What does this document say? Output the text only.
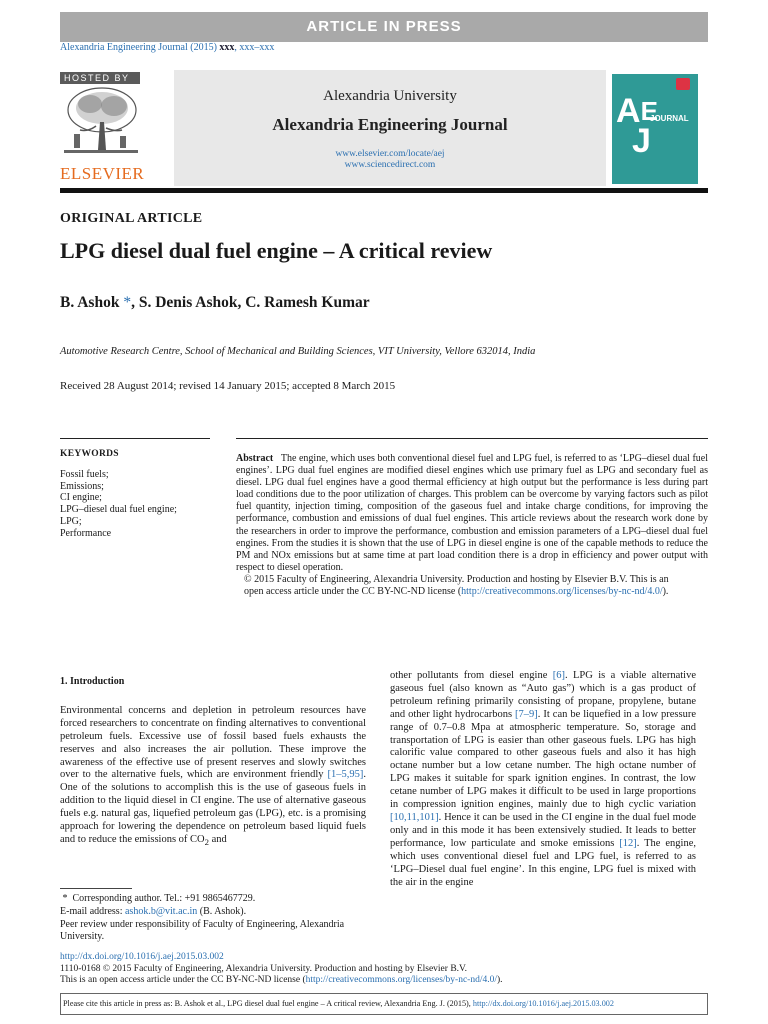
ARTICLE IN PRESS
Alexandria Engineering Journal (2015) xxx, xxx–xxx
HOSTED BY
ELSEVIER
Alexandria University
Alexandria Engineering Journal
www.elsevier.com/locate/aej
www.sciencedirect.com
$A^E$
J
JOURNAL
ORIGINAL ARTICLE
LPG diesel dual fuel engine – A critical review
B. Ashok *, S. Denis Ashok, C. Ramesh Kumar
Automotive Research Centre, School of Mechanical and Building Sciences, VIT University, Vellore 632014, India
Received 28 August 2014; revised 14 January 2015; accepted 8 March 2015
KEYWORDS
Fossil fuels;
Emissions;
CI engine;
LPG–diesel dual fuel engine;
LPG;
Performance

Abstract The engine, which uses both conventional diesel fuel and LPG fuel, is referred to as ‘LPG–diesel dual fuel engines’. LPG dual fuel engines are modified diesel engines which use primary fuel as LPG and secondary fuel as diesel. LPG dual fuel engines have a good thermal efficiency at high output but the performance is less during part load conditions due to the poor utilization of charges. This problem can be overcome by varying factors such as pilot fuel quantity, injection timing, composition of the gaseous fuel and intake charge conditions, for improving the performance, combustion and emissions of dual fuel engines. This article reviews about the research work done by the researchers in order to improve the performance, combustion and emission parameters of a LPG–diesel dual fuel engines. From the studies it is shown that the use of LPG in diesel engine is one of the capable methods to reduce the PM and NOx emissions but at same time at part load condition there is a drop in efficiency and power output with respect to diesel operation.

© 2015 Faculty of Engineering, Alexandria University. Production and hosting by Elsevier B.V. This is an

open access article under the CC BY-NC-ND license (http://creativecommons.org/licenses/by-nc-nd/4.0/).

1. Introduction

Environmental concerns and depletion in petroleum resources have forced researchers to concentrate on finding alternatives to conventional petroleum fuels. Excessive use of fossil based fuels exhausts the reserves and also increases the air pollution. These improve the awareness of the effective use of present reserves and slowly switches over to the alternative fuels, which are environment friendly [1–5,95]. One of the solutions to accomplish this is the use of gaseous fuels in addition to the liquid diesel in CI engine. The use of alternative gaseous fuels e.g. natural gas, liquefied petroleum gas (LPG), etc. is a promising approach for lowering the dependence on petroleum based liquid fuels and to reduce the emissions of $CO_2$ and

other pollutants from diesel engine [6]. LPG is a viable alternative gaseous fuel (also known as “Auto gas”) which is a gas product of petroleum refining primarily consisting of propane, propylene, butane and other light hydrocarbons [7–9]. It can be liquefied in a low pressure range of 0.7–0.8 Mpa at atmospheric temperature. So, storage and transportation of LPG is easier than other gaseous fuels. LPG has high calorific value compared to other gaseous fuels and also it has high octane number but a low cetane number. The high octane number of LPG makes it suitable for spark ignition engines. In contrast, the low cetane number of LPG makes it difficult to be used in large proportions in compression ignition engines, mainly due to high cyclic variation [10,11,101]. Hence it can be used in the CI engine in the dual fuel mode only and in this mode it has been extensively studied. It leads to better performance, low particulate and smoke emissions [12]. The engine, which uses conventional diesel fuel and LPG fuel, is referred to as ‘LPG–Diesel dual fuel engine’. In this engine, LPG fuel is mixed with the air in the engine

*  Corresponding author. Tel.: +91 9865467729.

E-mail address: ashok.b@vit.ac.in (B. Ashok).

Peer review under responsibility of Faculty of Engineering, Alexandria University.

http://dx.doi.org/10.1016/j.aej.2015.03.002
1110-0168 © 2015 Faculty of Engineering, Alexandria University. Production and hosting by Elsevier B.V.
This is an open access article under the CC BY-NC-ND license (http://creativecommons.org/licenses/by-nc-nd/4.0/).
Please cite this article in press as: B. Ashok et al., LPG diesel dual fuel engine – A critical review, Alexandria Eng. J. (2015), http://dx.doi.org/10.1016/j.aej.2015.03.002
